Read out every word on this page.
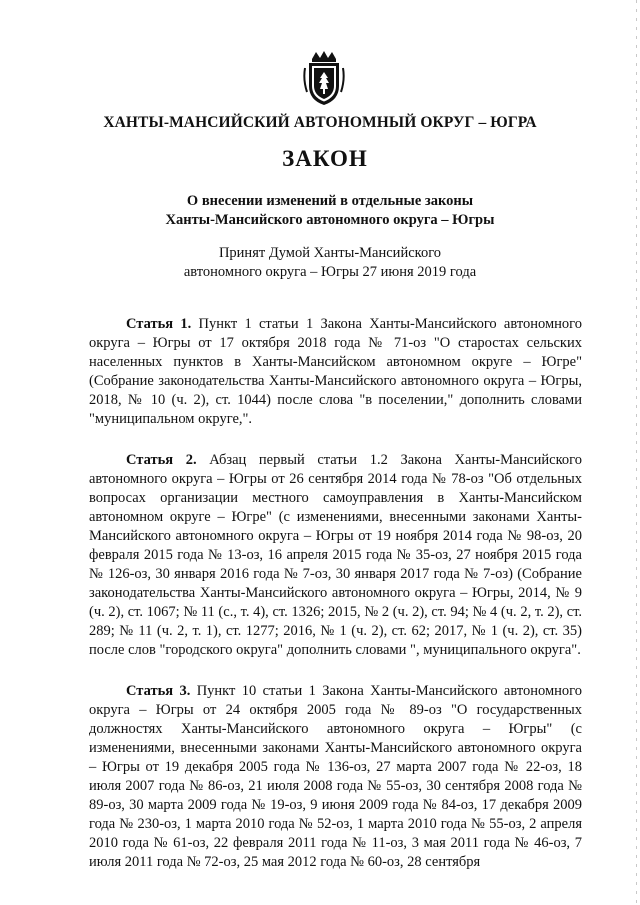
ХАНТЫ-МАНСИЙСКИЙ АВТОНОМНЫЙ ОКРУГ – ЮГРА
ЗАКОН
О внесении изменений в отдельные законы
Ханты-Мансийского автономного округа – Югры
Принят Думой Ханты-Мансийского
автономного округа – Югры 27 июня 2019 года

Статья 1. Пункт 1 статьи 1 Закона Ханты-Мансийского автономного округа – Югры от 17 октября 2018 года № 71-оз "О старостах сельских населенных пунктов в Ханты-Мансийском автономном округе – Югре" (Собрание законодательства Ханты-Мансийского автономного округа – Югры, 2018, № 10 (ч. 2), ст. 1044) после слова "в поселении," дополнить словами "муниципальном округе,".

Статья 2. Абзац первый статьи 1.2 Закона Ханты-Мансийского автономного округа – Югры от 26 сентября 2014 года № 78-оз "Об отдельных вопросах организации местного самоуправления в Ханты-Мансийском автономном округе – Югре" (с изменениями, внесенными законами Ханты-Мансийского автономного округа – Югры от 19 ноября 2014 года № 98-оз, 20 февраля 2015 года № 13-оз, 16 апреля 2015 года № 35-оз, 27 ноября 2015 года № 126-оз, 30 января 2016 года № 7-оз, 30 января 2017 года № 7-оз) (Собрание законодательства Ханты-Мансийского автономного округа – Югры, 2014, № 9 (ч. 2), ст. 1067; № 11 (с., т. 4), ст. 1326; 2015, № 2 (ч. 2), ст. 94; № 4 (ч. 2, т. 2), ст. 289; № 11 (ч. 2, т. 1), ст. 1277; 2016, № 1 (ч. 2), ст. 62; 2017, № 1 (ч. 2), ст. 35) после слов "городского округа" дополнить словами ", муниципального округа".

Статья 3. Пункт 10 статьи 1 Закона Ханты-Мансийского автономного округа – Югры от 24 октября 2005 года № 89-оз "О государственных должностях Ханты-Мансийского автономного округа – Югры" (с изменениями, внесенными законами Ханты-Мансийского автономного округа – Югры от 19 декабря 2005 года № 136-оз, 27 марта 2007 года № 22-оз, 18 июля 2007 года № 86-оз, 21 июля 2008 года № 55-оз, 30 сентября 2008 года № 89-оз, 30 марта 2009 года № 19-оз, 9 июня 2009 года № 84-оз, 17 декабря 2009 года № 230-оз, 1 марта 2010 года № 52-оз, 1 марта 2010 года № 55-оз, 2 апреля 2010 года № 61-оз, 22 февраля 2011 года № 11-оз, 3 мая 2011 года № 46-оз, 7 июля 2011 года № 72-оз, 25 мая 2012 года № 60-оз, 28 сентября
